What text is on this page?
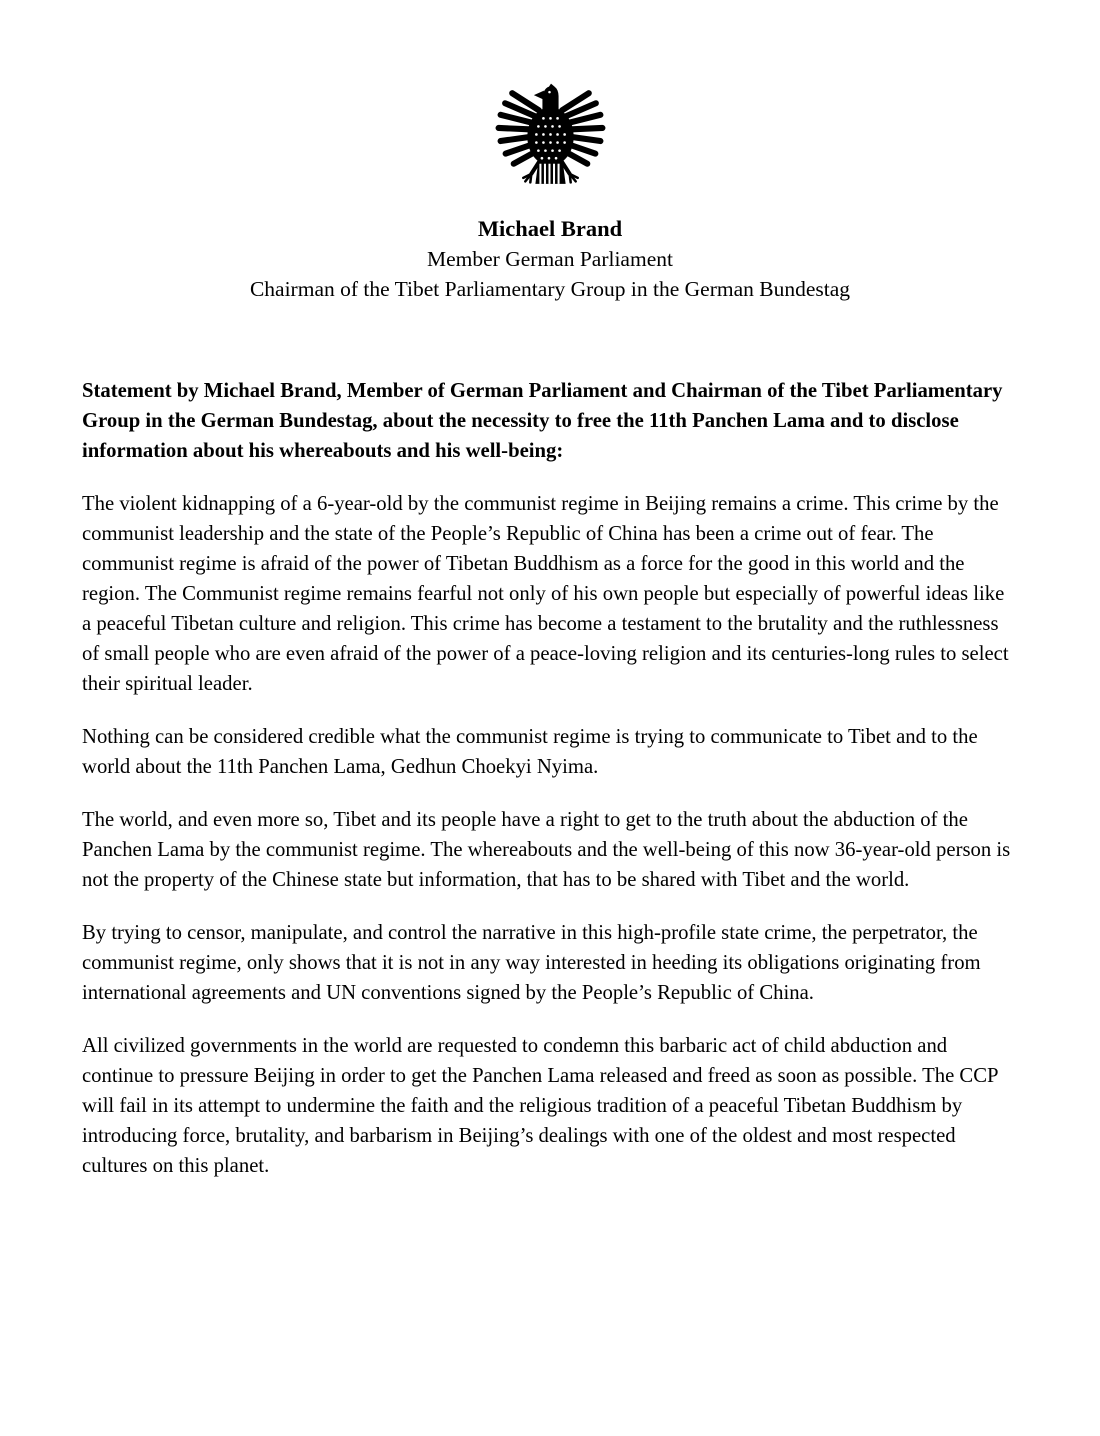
Michael Brand
Member German Parliament
Chairman of the Tibet Parliamentary Group in the German Bundestag

Statement by Michael Brand, Member of German Parliament and Chairman of the Tibet Parliamentary Group in the German Bundestag, about the necessity to free the 11th Panchen Lama and to disclose information about his whereabouts and his well-being:

The violent kidnapping of a 6-year-old by the communist regime in Beijing remains a crime. This crime by the communist leadership and the state of the People’s Republic of China has been a crime out of fear. The communist regime is afraid of the power of Tibetan Buddhism as a force for the good in this world and the region. The Communist regime remains fearful not only of his own people but especially of powerful ideas like a peaceful Tibetan culture and religion. This crime has become a testament to the brutality and the ruthlessness of small people who are even afraid of the power of a peace-loving religion and its centuries-long rules to select their spiritual leader.

Nothing can be considered credible what the communist regime is trying to communicate to Tibet and to the world about the 11th Panchen Lama, Gedhun Choekyi Nyima.

The world, and even more so, Tibet and its people have a right to get to the truth about the abduction of the Panchen Lama by the communist regime. The whereabouts and the well-being of this now 36-year-old person is not the property of the Chinese state but information, that has to be shared with Tibet and the world.

By trying to censor, manipulate, and control the narrative in this high-profile state crime, the perpetrator, the communist regime, only shows that it is not in any way interested in heeding its obligations originating from international agreements and UN conventions signed by the People’s Republic of China.

All civilized governments in the world are requested to condemn this barbaric act of child abduction and continue to pressure Beijing in order to get the Panchen Lama released and freed as soon as possible. The CCP will fail in its attempt to undermine the faith and the religious tradition of a peaceful Tibetan Buddhism by introducing force, brutality, and barbarism in Beijing’s dealings with one of the oldest and most respected cultures on this planet.
